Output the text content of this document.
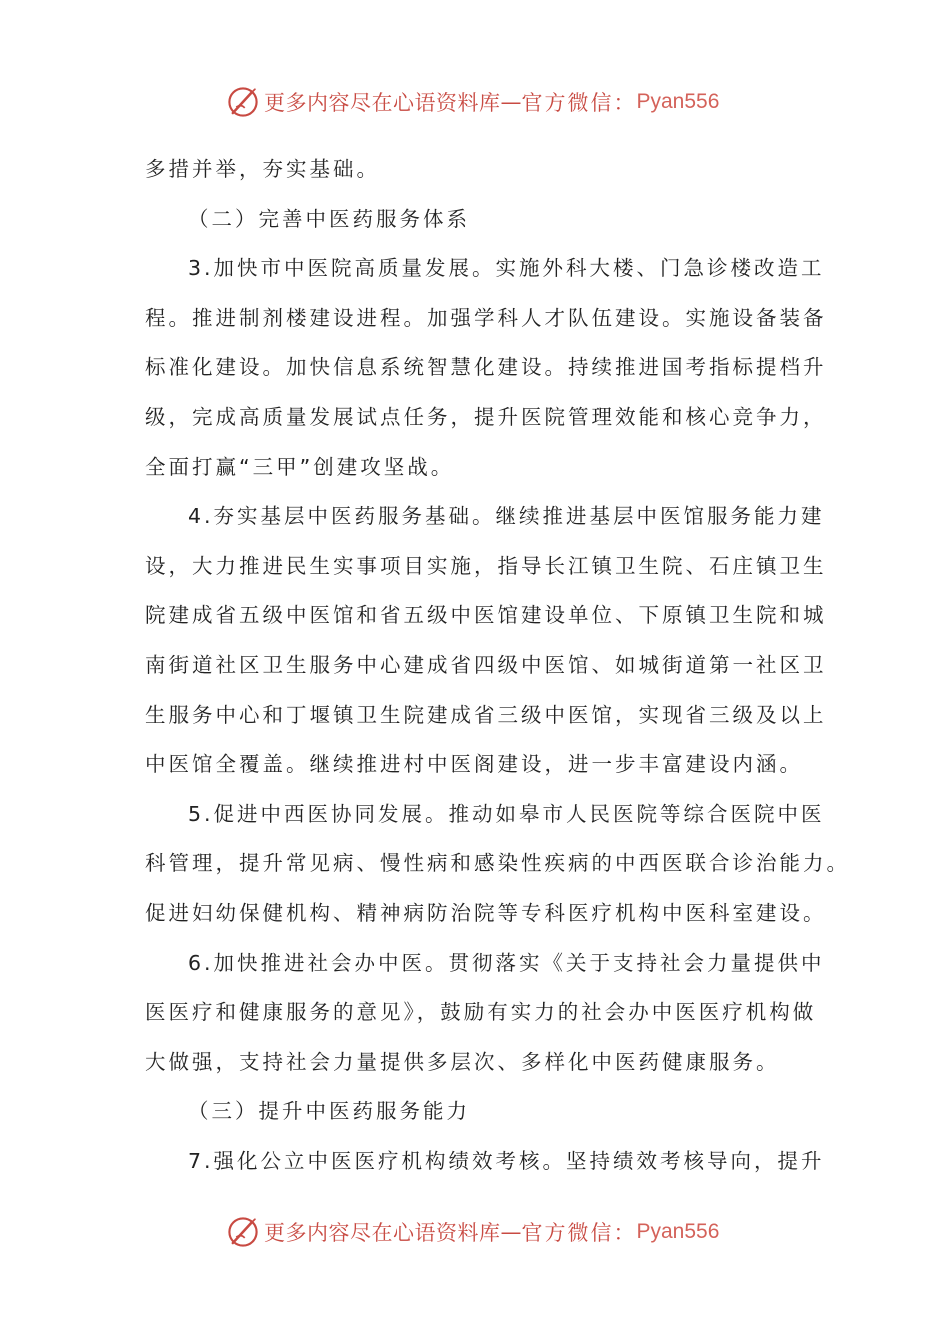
更多内容尽在心语资料库 — 官方微信： Pyan556
多措并举，夯实基础。
（二）完善中医药服务体系
3.加快市中医院高质量发展。实施外科大楼、门急诊楼改造工
程。推进制剂楼建设进程。加强学科人才队伍建设。实施设备装备
标准化建设。加快信息系统智慧化建设。持续推进国考指标提档升
级，完成高质量发展试点任务，提升医院管理效能和核心竞争力，
全面打赢“三甲”创建攻坚战。
4.夯实基层中医药服务基础。继续推进基层中医馆服务能力建
设，大力推进民生实事项目实施，指导长江镇卫生院、石庄镇卫生
院建成省五级中医馆和省五级中医馆建设单位、下原镇卫生院和城
南街道社区卫生服务中心建成省四级中医馆、如城街道第一社区卫
生服务中心和丁堰镇卫生院建成省三级中医馆，实现省三级及以上
中医馆全覆盖。继续推进村中医阁建设，进一步丰富建设内涵。
5.促进中西医协同发展。推动如皋市人民医院等综合医院中医
科管理，提升常见病、慢性病和感染性疾病的中西医联合诊治能力。
促进妇幼保健机构、精神病防治院等专科医疗机构中医科室建设。
6.加快推进社会办中医。贯彻落实《关于支持社会力量提供中
医医疗和健康服务的意见》，鼓励有实力的社会办中医医疗机构做
大做强，支持社会力量提供多层次、多样化中医药健康服务。
（三）提升中医药服务能力
7.强化公立中医医疗机构绩效考核。坚持绩效考核导向，提升
更多内容尽在心语资料库 — 官方微信： Pyan556
